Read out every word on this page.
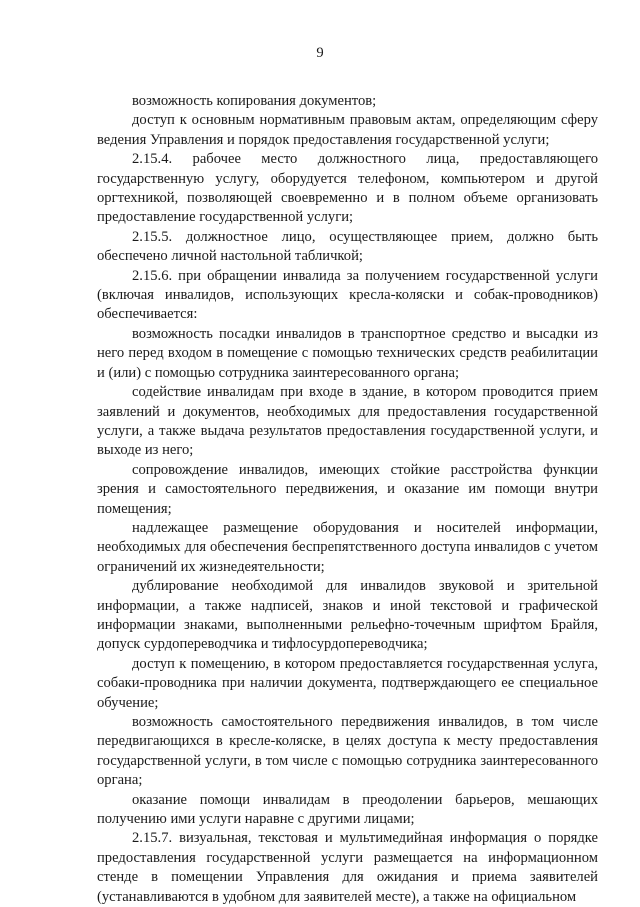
9

возможность копирования документов;

доступ к основным нормативным правовым актам, определяющим сферу ведения Управления и порядок предоставления государственной услуги;

2.15.4. рабочее место должностного лица, предоставляющего государственную услугу, оборудуется телефоном, компьютером и другой оргтехникой, позволяющей своевременно и в полном объеме организовать предоставление государственной услуги;

2.15.5. должностное лицо, осуществляющее прием, должно быть обеспечено личной настольной табличкой;

2.15.6. при обращении инвалида за получением государственной услуги (включая инвалидов, использующих кресла-коляски и собак-проводников) обеспечивается:

возможность посадки инвалидов в транспортное средство и высадки из него перед входом в помещение с помощью технических средств реабилитации и (или) с помощью сотрудника заинтересованного органа;

содействие инвалидам при входе в здание, в котором проводится прием заявлений и документов, необходимых для предоставления государственной услуги, а также выдача результатов предоставления государственной услуги, и выходе из него;

сопровождение инвалидов, имеющих стойкие расстройства функции зрения и самостоятельного передвижения, и оказание им помощи внутри помещения;

надлежащее размещение оборудования и носителей информации, необходимых для обеспечения беспрепятственного доступа инвалидов с учетом ограничений их жизнедеятельности;

дублирование необходимой для инвалидов звуковой и зрительной информации, а также надписей, знаков и иной текстовой и графической информации знаками, выполненными рельефно-точечным шрифтом Брайля, допуск сурдопереводчика и тифлосурдопереводчика;

доступ к помещению, в котором предоставляется государственная услуга, собаки-проводника при наличии документа, подтверждающего ее специальное обучение;

возможность самостоятельного передвижения инвалидов, в том числе передвигающихся в кресле-коляске, в целях доступа к месту предоставления государственной услуги, в том числе с помощью сотрудника заинтересованного органа;

оказание помощи инвалидам в преодолении барьеров, мешающих получению ими услуги наравне с другими лицами;

2.15.7. визуальная, текстовая и мультимедийная информация о порядке предоставления государственной услуги размещается на информационном стенде в помещении Управления для ожидания и приема заявителей (устанавливаются в удобном для заявителей месте), а также на официальном
